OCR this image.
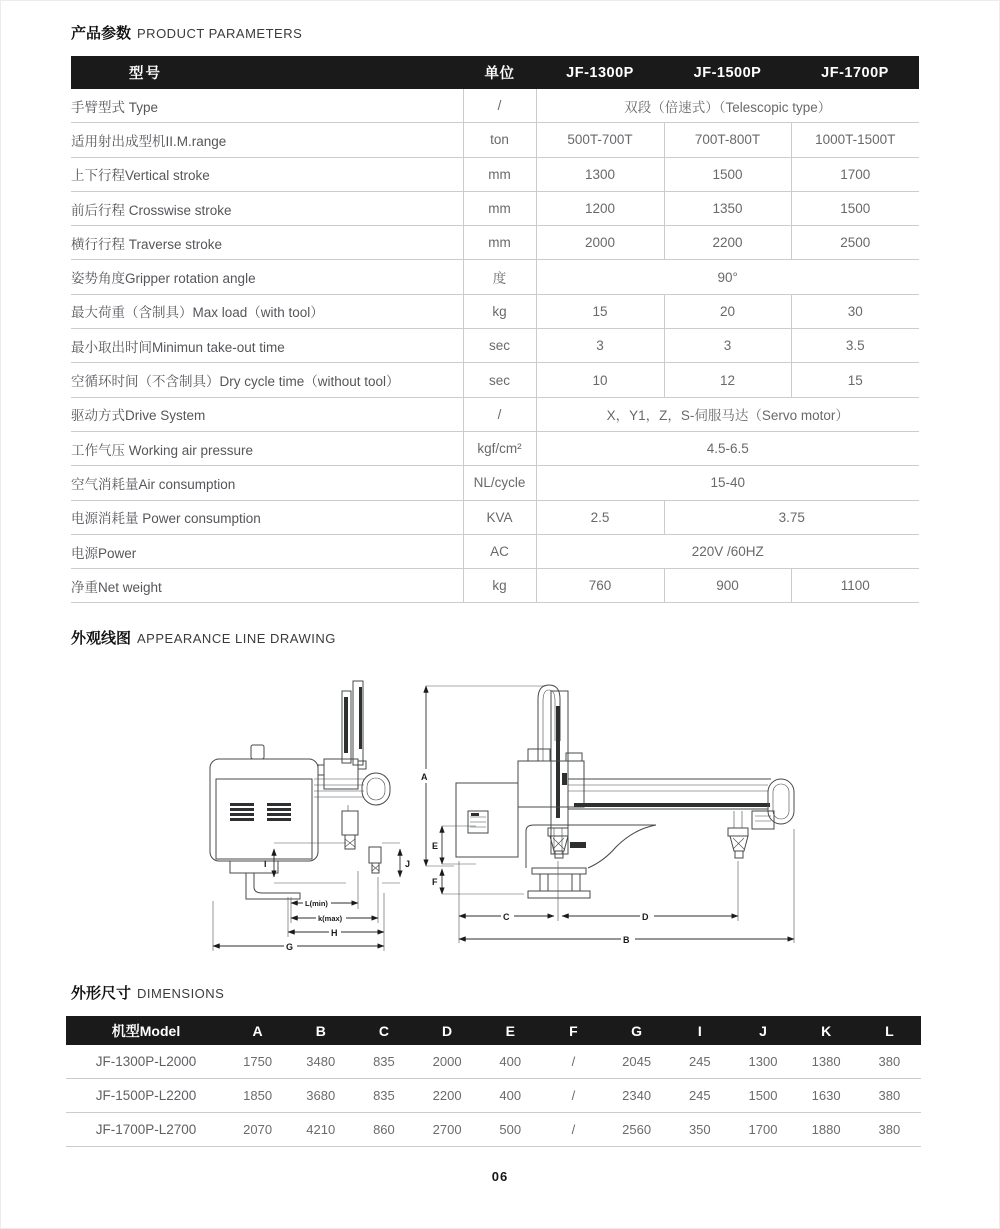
产品参数 PRODUCT PARAMETERS
型号	单位	JF-1300P	JF-1500P	JF-1700P
手臂型式 Type	/	双段（倍速式）（Telescopic type）		
适用射出成型机II.M.range	ton	500T-700T	700T-800T	1000T-1500T
上下行程Vertical stroke	mm	1300	1500	1700
前后行程 Crosswise stroke	mm	1200	1350	1500
横行行程 Traverse stroke	mm	2000	2200	2500
姿势角度Gripper rotation angle	度	90°		
最大荷重（含制具）Max load（with tool）	kg	15	20	30
最小取出时间Minimun take-out time	sec	3	3	3.5
空循环时间（不含制具）Dry cycle time（without tool）	sec	10	12	15
驱动方式Drive System	/	X，Y1，Z，S-伺服马达（Servo motor）		
工作气压 Working air pressure	kgf/cm²	4.5-6.5		
空气消耗量Air consumption	NL/cycle	15-40		
电源消耗量 Power consumption	KVA	2.5	3.75	
电源Power	AC	220V /60HZ		
净重Net weight	kg	760	900	1100
外观线图 APPEARANCE LINE DRAWING
I	J
L(min)
k(max)
H
G
A
E
F
C	D
B
外形尺寸 DIMENSIONS
机型Model	A	B	C	D	E	F	G	I	J	K	L
JF-1300P-L2000	1750	3480	835	2000	400	/	2045	245	1300	1380	380
JF-1500P-L2200	1850	3680	835	2200	400	/	2340	245	1500	1630	380
JF-1700P-L2700	2070	4210	860	2700	500	/	2560	350	1700	1880	380
06
